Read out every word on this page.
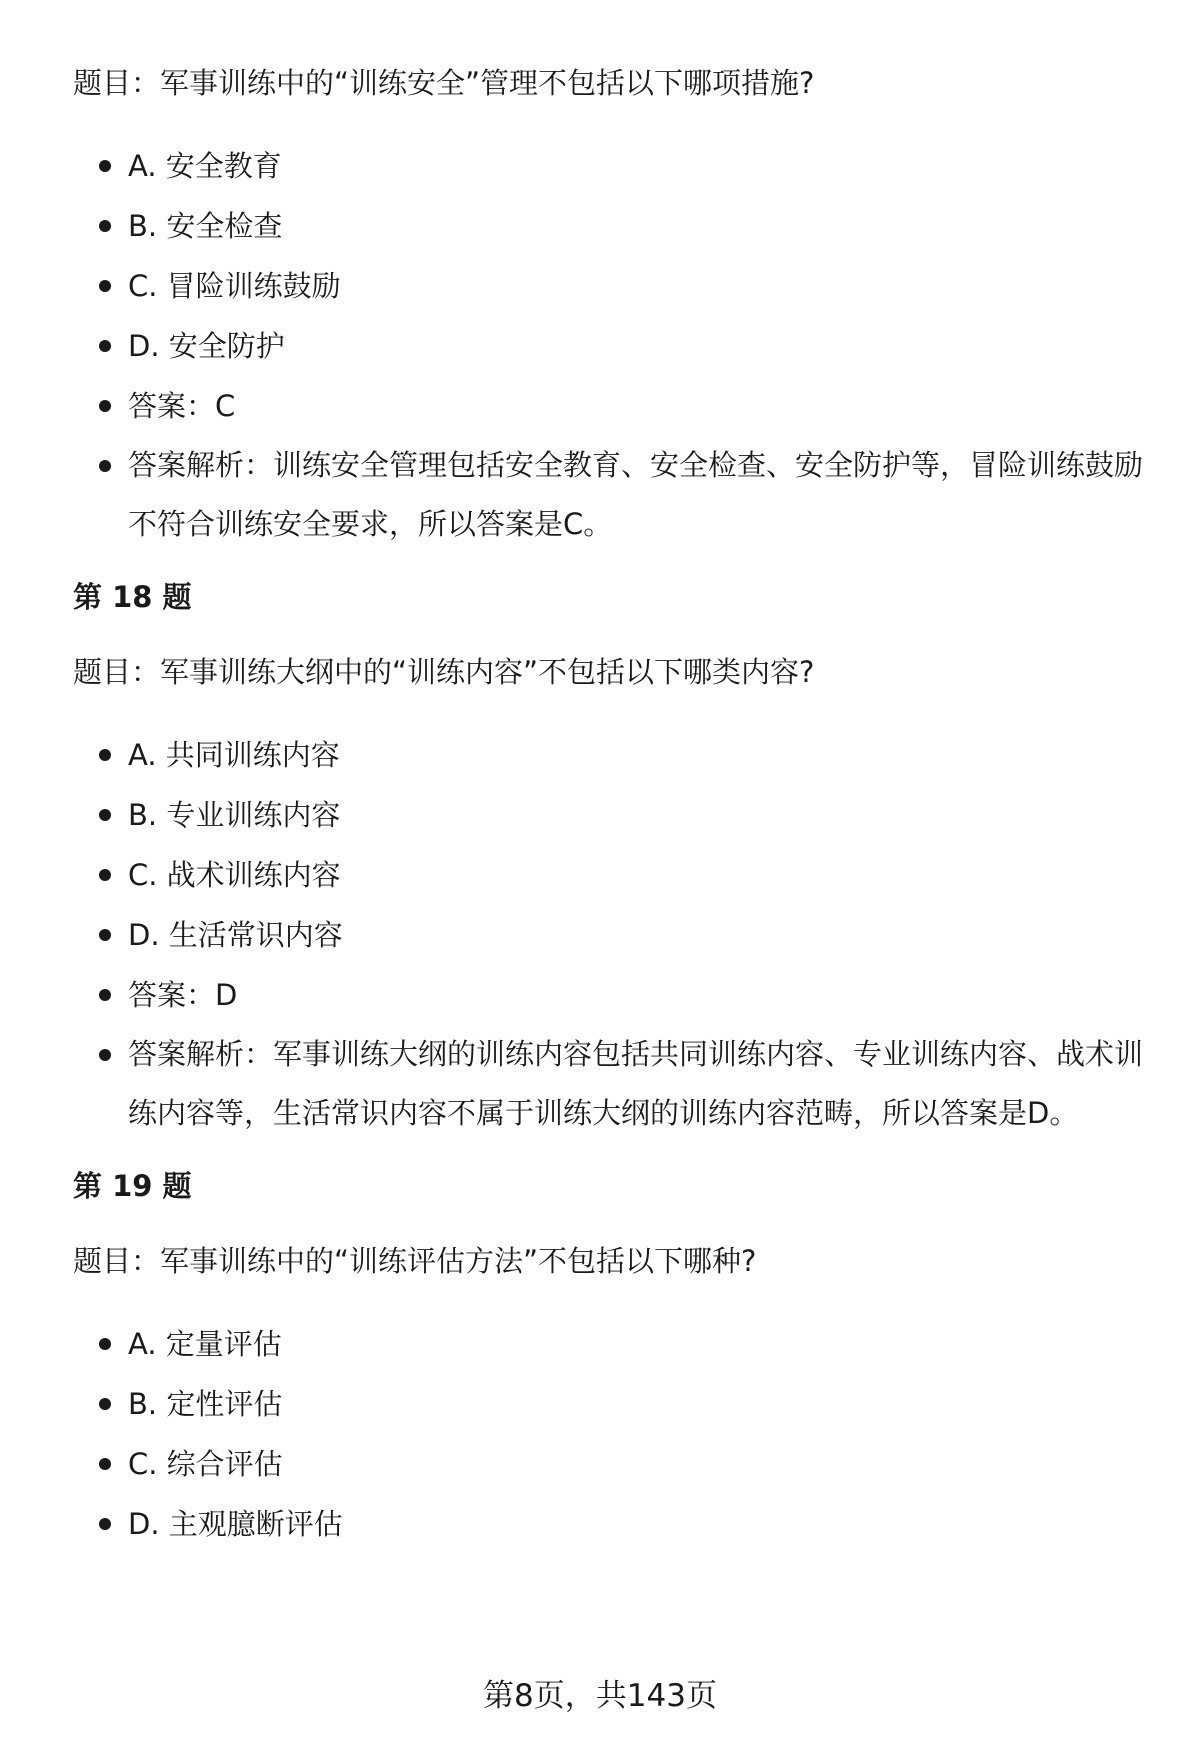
题目：军事训练中的“训练安全”管理不包括以下哪项措施?

A. 安全教育
B. 安全检查
C. 冒险训练鼓励
D. 安全防护
答案：C
答案解析：训练安全管理包括安全教育、安全检查、安全防护等，冒险训练鼓励不符合训练安全要求，所以答案是C。
第 18 题

题目：军事训练大纲中的“训练内容”不包括以下哪类内容?

A. 共同训练内容
B. 专业训练内容
C. 战术训练内容
D. 生活常识内容
答案：D
答案解析：军事训练大纲的训练内容包括共同训练内容、专业训练内容、战术训练内容等，生活常识内容不属于训练大纲的训练内容范畴，所以答案是D。
第 19 题

题目：军事训练中的“训练评估方法”不包括以下哪种?

A. 定量评估
B. 定性评估
C. 综合评估
D. 主观臆断评估
第8页，共143页
